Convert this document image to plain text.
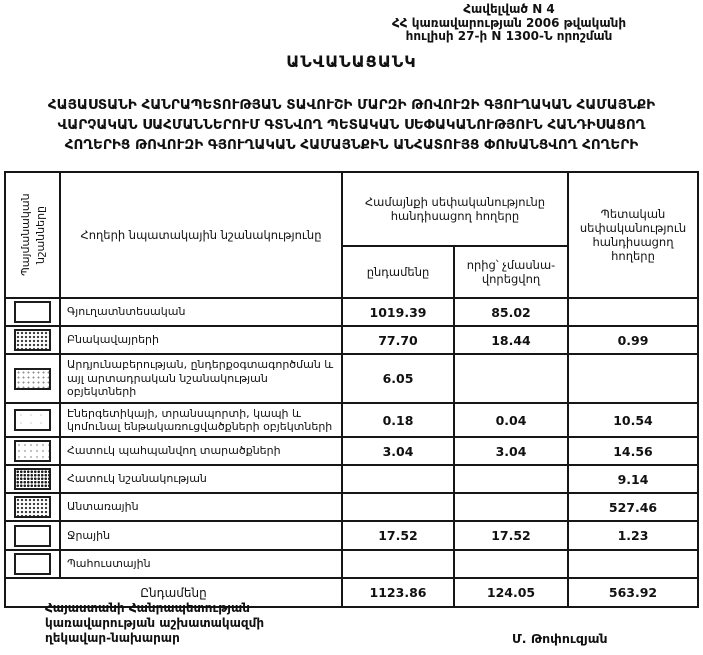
Հավելված N 4
ՀՀ կառավարության 2006 թվականի
հուլիսի 27-ի N 1300-Ն որոշման
ԱՆՎԱՆԱՑԱՆԿ
ՀԱՅԱՍՏԱՆԻ ՀԱՆՐԱՊԵՏՈՒԹՅԱՆ ՏԱՎՈՒՇԻ ՄԱՐԶԻ ԹՈՎՈՒԶԻ ԳՅՈՒՂԱԿԱՆ ՀԱՄԱՅՆՔԻ
ՎԱՐՉԱԿԱՆ ՍԱՀՄԱՆՆԵՐՈՒՄ ԳՏՆՎՈՂ ՊԵՏԱԿԱՆ ՍԵՓԱԿԱՆՈՒԹՅՈՒՆ ՀԱՆԴԻՍԱՑՈՂ
ՀՈՂԵՐԻՑ ԹՈՎՈՒԶԻ ԳՅՈՒՂԱԿԱՆ ՀԱՄԱՅՆՔԻՆ ԱՆՀԱՏՈՒՅՑ ՓՈԽԱՆՑՎՈՂ ՀՈՂԵՐԻ
Պայմանական
նշանները	Հողերի նպատակային նշանակությունը	Համայնքի սեփականությունը հանդիսացող հողերը		Պետական սեփականություն հանդիսացող հողերը
		ընդամենը	որից՝ չմասնա-
վորեցվող	

	Գյուղատնտեսական	1019.39	85.02	

	Բնակավայրերի	77.70	18.44	0.99

	Արդյունաբերության, ընդերքօգտագործման և այլ արտադրական նշանակության օբյեկտների	6.05		

	Էներգետիկայի, տրանսպորտի, կապի և կոմունալ ենթակառուցվածքների օբյեկտների	0.18	0.04	10.54

	Հատուկ պահպանվող տարածքների	3.04	3.04	14.56

	Հատուկ նշանակության			9.14

	Անտառային			527.46

	Ջրային	17.52	17.52	1.23

	Պահուստային			
Ընդամենը		1123.86	124.05	563.92
Հայաստանի Հանրապետության
կառավարության աշխատակազմի
ղեկավար-նախարար	Մ. Թոփուզյան
